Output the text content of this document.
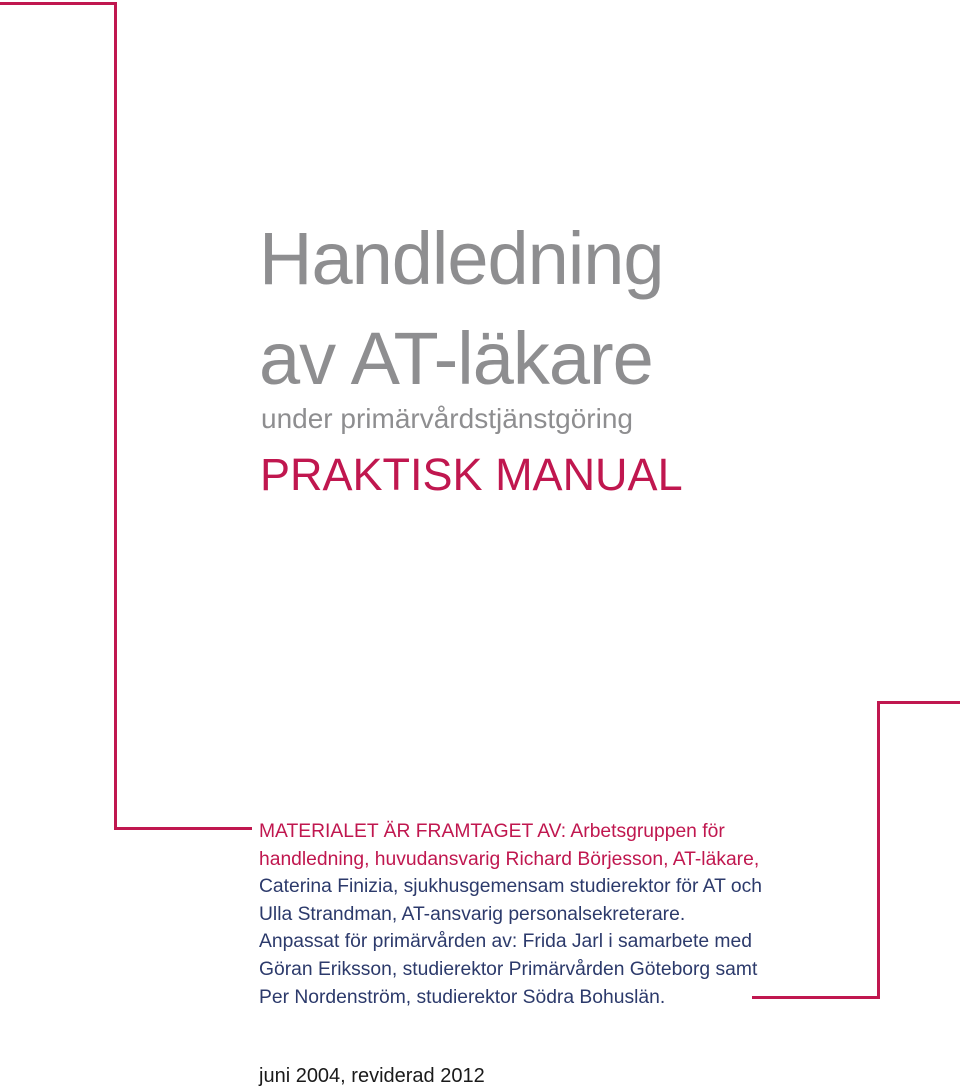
Handledning
av AT-läkare
under primärvårdstjänstgöring
PRAKTISK MANUAL
MATERIALET ÄR FRAMTAGET AV: Arbetsgruppen för
handledning, huvudansvarig Richard Börjesson, AT-läkare,
Caterina Finizia, sjukhusgemensam studierektor för AT och
Ulla Strandman, AT-ansvarig personalsekreterare.
Anpassat för primärvården av: Frida Jarl i samarbete med
Göran Eriksson, studierektor Primärvården Göteborg samt
Per Nordenström, studierektor Södra Bohuslän.
juni 2004, reviderad 2012
